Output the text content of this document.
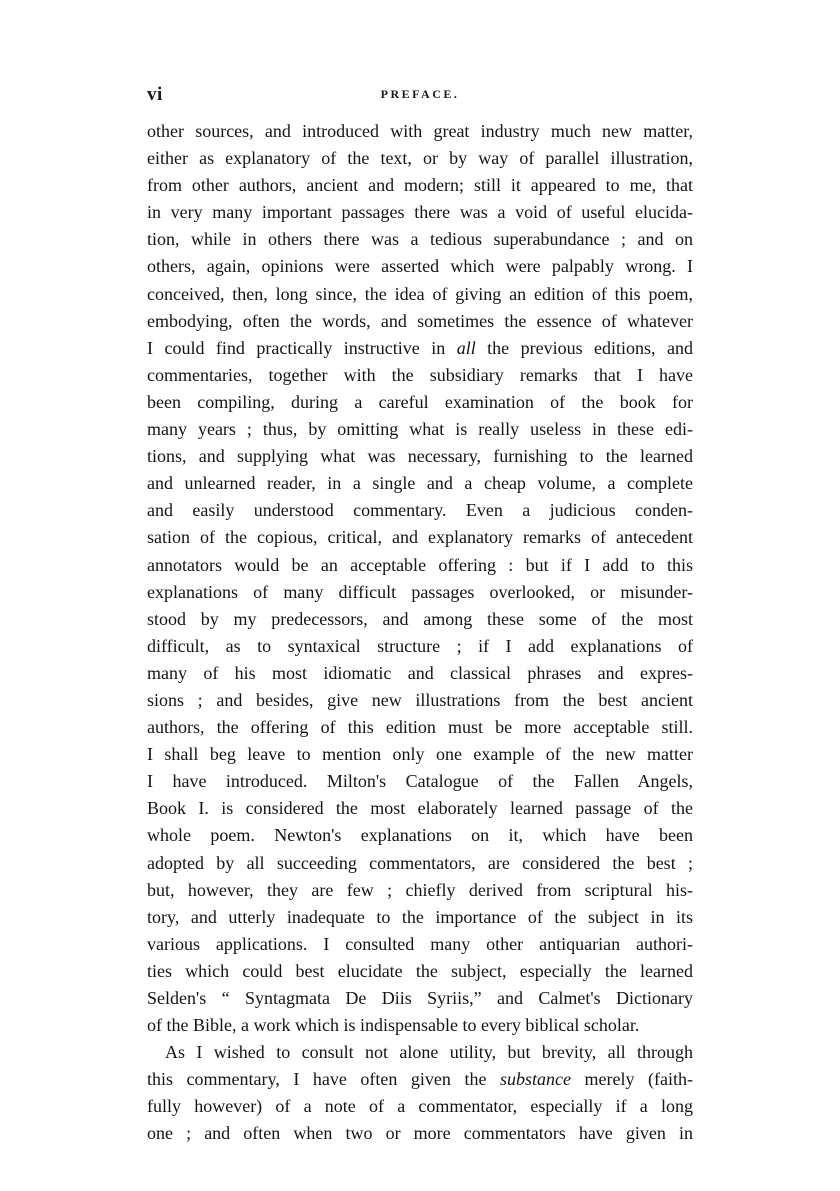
vi	PREFACE.
other sources, and introduced with great industry much new matter,
either as explanatory of the text, or by way of parallel illustration,
from other authors, ancient and modern; still it appeared to me, that
in very many important passages there was a void of useful elucida-
tion, while in others there was a tedious superabundance ; and on
others, again, opinions were asserted which were palpably wrong. I
conceived, then, long since, the idea of giving an edition of this poem,
embodying, often the words, and sometimes the essence of whatever
I could find practically instructive in all the previous editions, and
commentaries, together with the subsidiary remarks that I have
been compiling, during a careful examination of the book for
many years ; thus, by omitting what is really useless in these edi-
tions, and supplying what was necessary, furnishing to the learned
and unlearned reader, in a single and a cheap volume, a complete
and easily understood commentary. Even a judicious conden-
sation of the copious, critical, and explanatory remarks of antecedent
annotators would be an acceptable offering : but if I add to this
explanations of many difficult passages overlooked, or misunder-
stood by my predecessors, and among these some of the most
difficult, as to syntaxical structure ; if I add explanations of
many of his most idiomatic and classical phrases and expres-
sions ; and besides, give new illustrations from the best ancient
authors, the offering of this edition must be more acceptable still.
I shall beg leave to mention only one example of the new matter
I have introduced. Milton's Catalogue of the Fallen Angels,
Book I. is considered the most elaborately learned passage of the
whole poem. Newton's explanations on it, which have been
adopted by all succeeding commentators, are considered the best ;
but, however, they are few ; chiefly derived from scriptural his-
tory, and utterly inadequate to the importance of the subject in its
various applications. I consulted many other antiquarian authori-
ties which could best elucidate the subject, especially the learned
Selden's “ Syntagmata De Diis Syriis,” and Calmet's Dictionary
of the Bible, a work which is indispensable to every biblical scholar.
As I wished to consult not alone utility, but brevity, all through
this commentary, I have often given the substance merely (faith-
fully however) of a note of a commentator, especially if a long
one ; and often when two or more commentators have given in
